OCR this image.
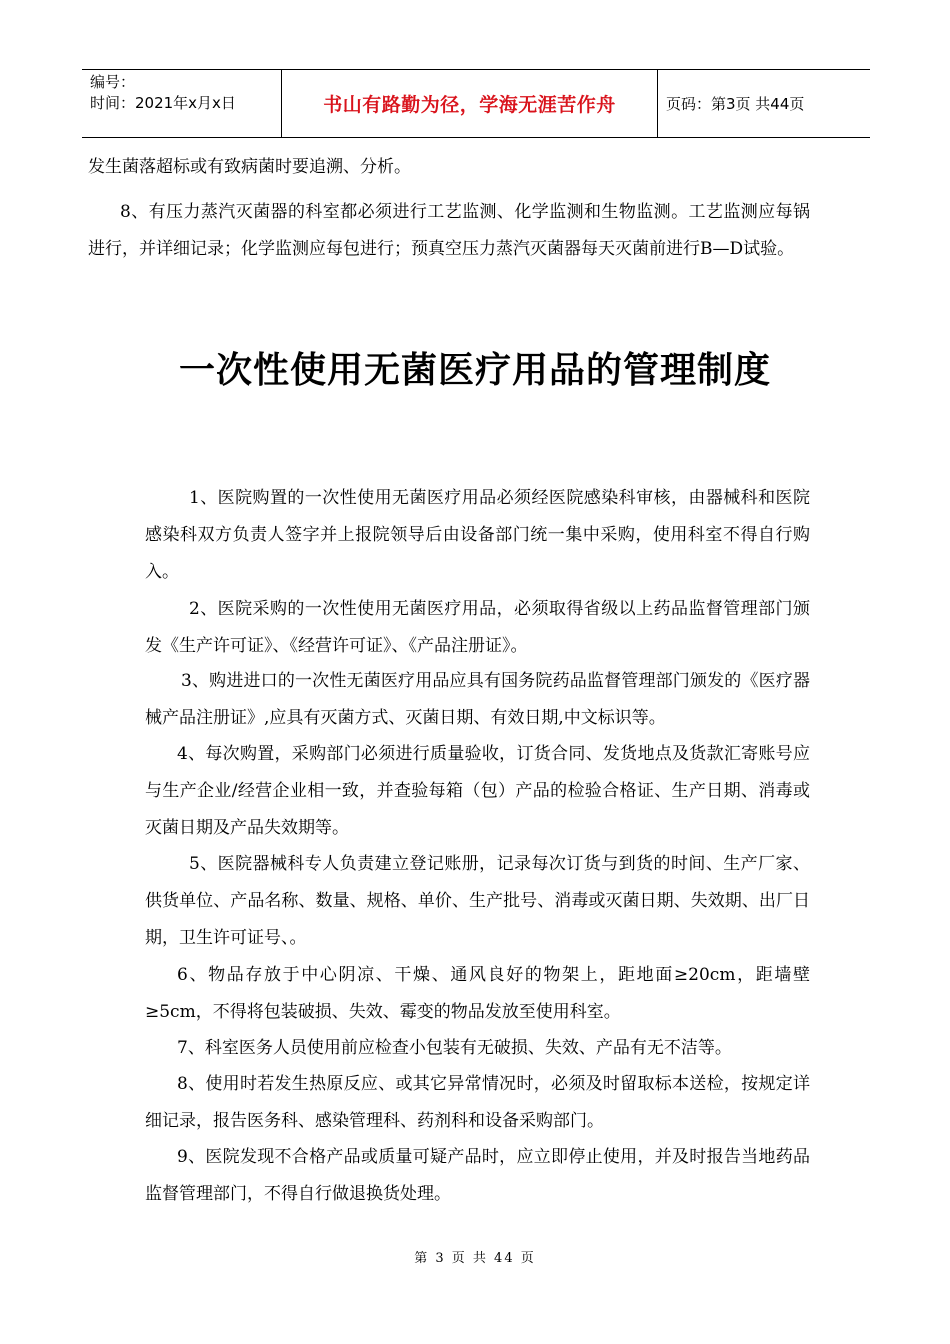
编号：
时间：2021年x月x日	书山有路勤为径，学海无涯苦作舟	页码：第3页 共44页

发生菌落超标或有致病菌时要追溯、分析。

8、有压力蒸汽灭菌器的科室都必须进行工艺监测、化学监测和生物监测。工艺监测应每锅进行，并详细记录；化学监测应每包进行；预真空压力蒸汽灭菌器每天灭菌前进行B—D试验。

一次性使用无菌医疗用品的管理制度

1、医院购置的一次性使用无菌医疗用品必须经医院感染科审核，由器械科和医院感染科双方负责人签字并上报院领导后由设备部门统一集中采购，使用科室不得自行购入。

2、医院采购的一次性使用无菌医疗用品，必须取得省级以上药品监督管理部门颁发《生产许可证》、《经营许可证》、《产品注册证》。

3、购进进口的一次性无菌医疗用品应具有国务院药品监督管理部门颁发的《医疗器械产品注册证》,应具有灭菌方式、灭菌日期、有效日期,中文标识等。

4、每次购置，采购部门必须进行质量验收，订货合同、发货地点及货款汇寄账号应与生产企业/经营企业相一致，并查验每箱（包）产品的检验合格证、生产日期、消毒或灭菌日期及产品失效期等。

5、医院器械科专人负责建立登记账册，记录每次订货与到货的时间、生产厂家、供货单位、产品名称、数量、规格、单价、生产批号、消毒或灭菌日期、失效期、出厂日期，卫生许可证号、。

6、物品存放于中心阴凉、干燥、通风良好的物架上，距地面≥20cm，距墙壁≥5cm，不得将包装破损、失效、霉变的物品发放至使用科室。

7、科室医务人员使用前应检查小包装有无破损、失效、产品有无不洁等。

8、使用时若发生热原反应、或其它异常情况时，必须及时留取标本送检，按规定详细记录，报告医务科、感染管理科、药剂科和设备采购部门。

9、医院发现不合格产品或质量可疑产品时，应立即停止使用，并及时报告当地药品监督管理部门，不得自行做退换货处理。

第 3 页 共 44 页
